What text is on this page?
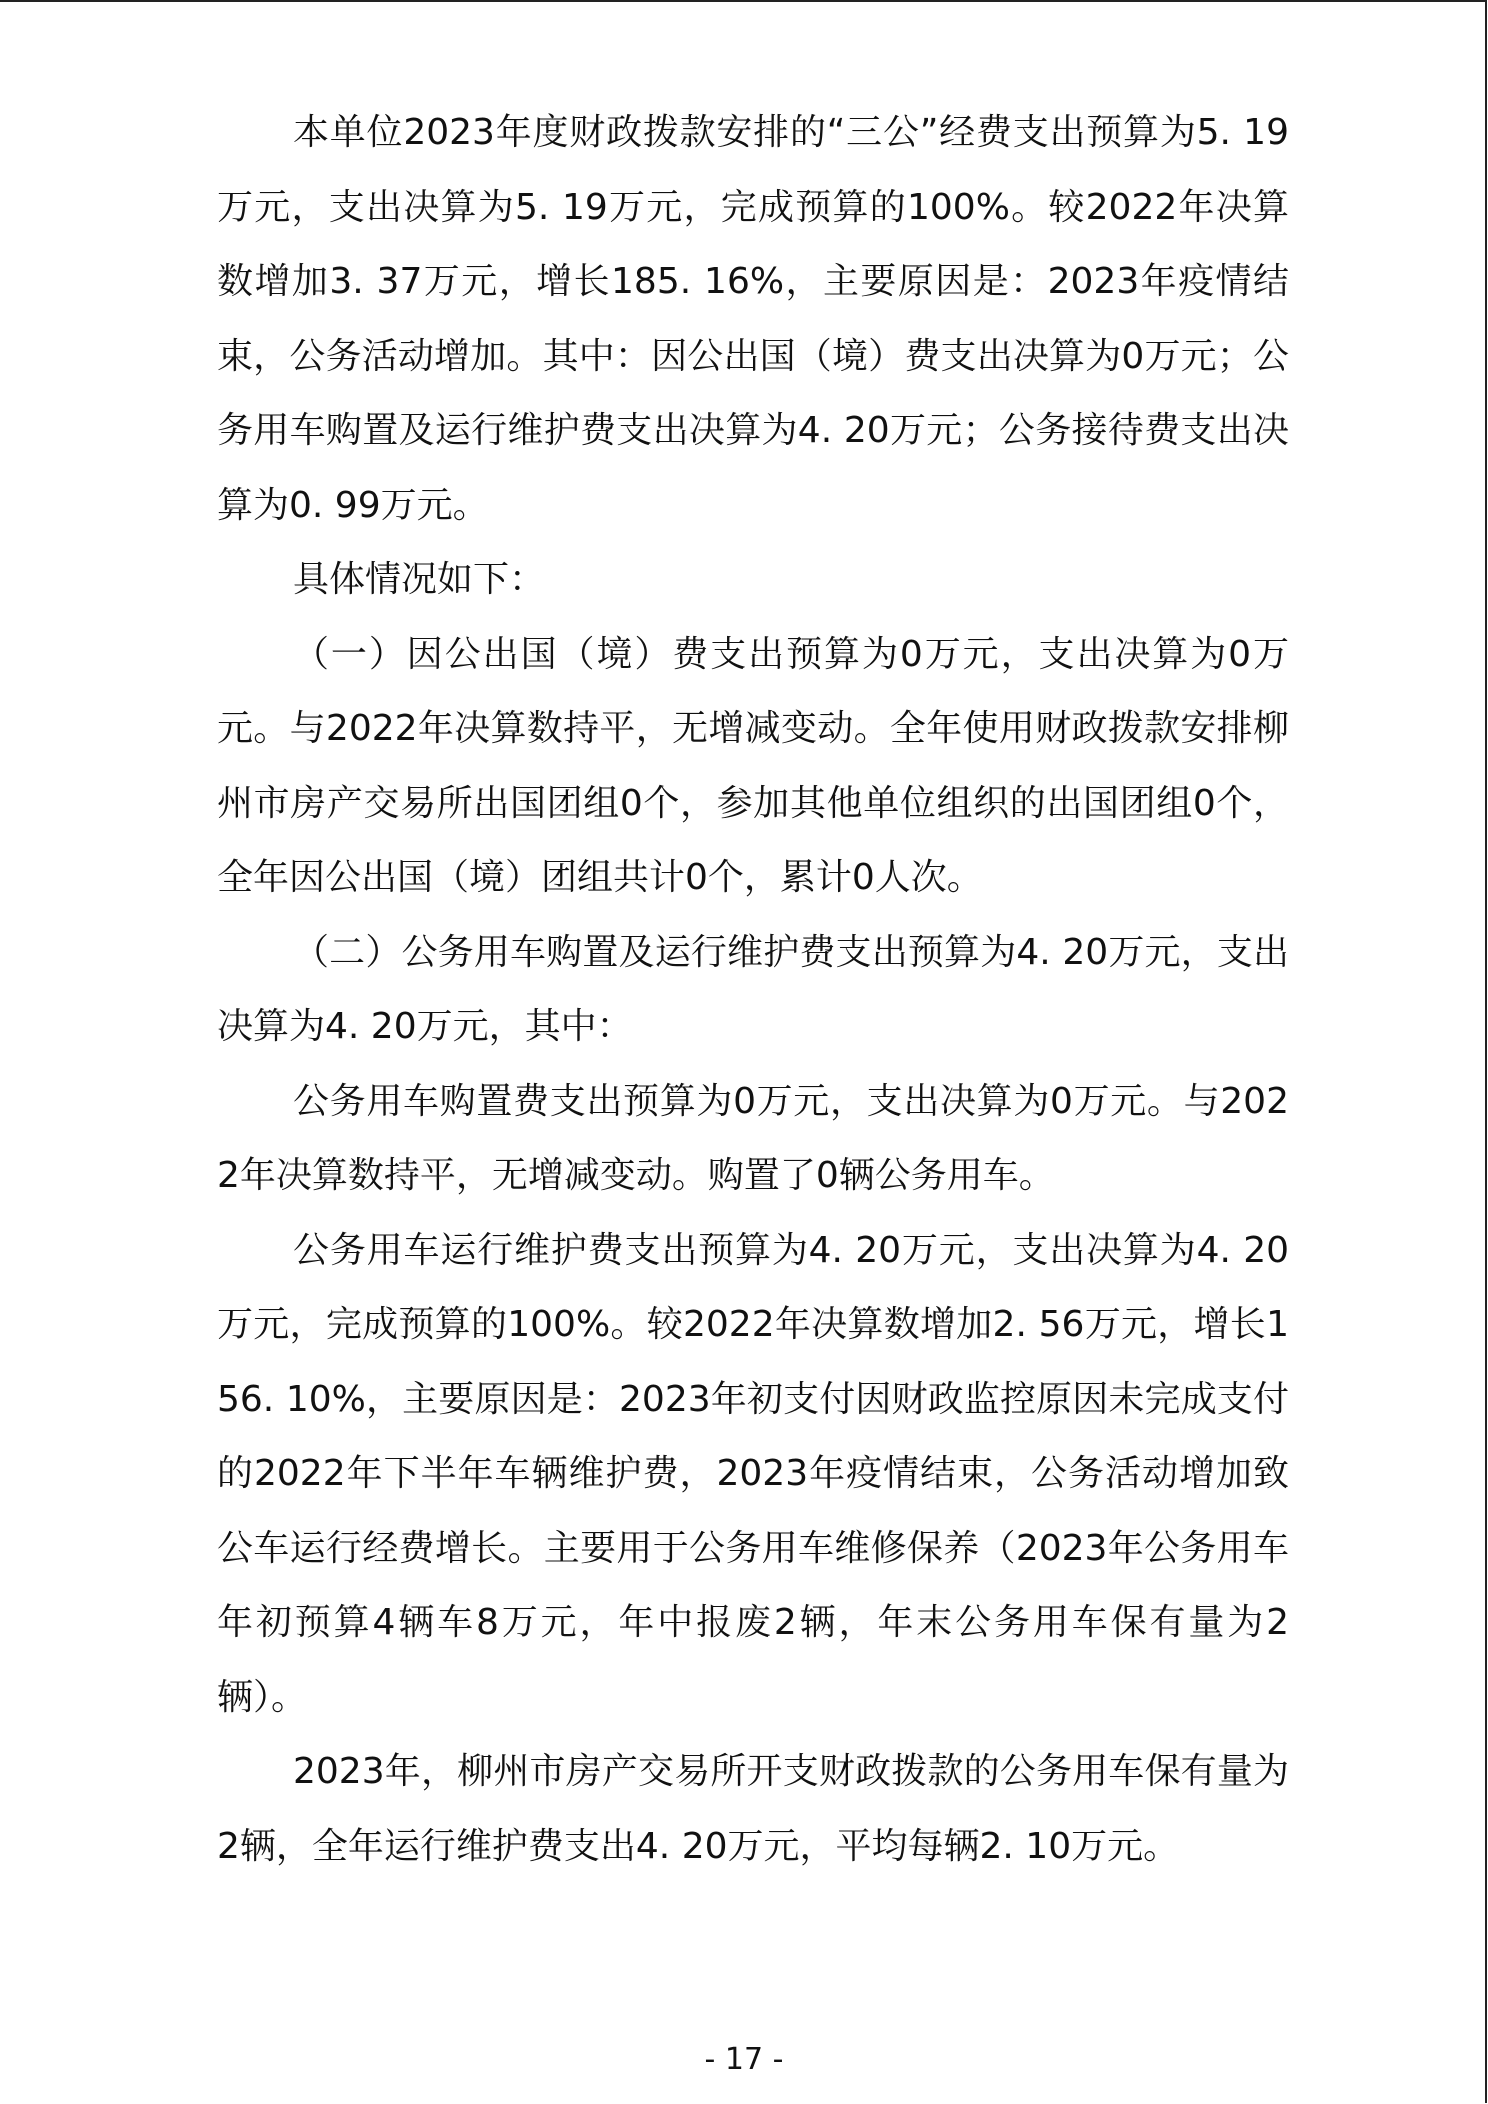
本单位2023年度财政拨款安排的“三公”经费支出预算为5. 19万元，支出决算为5. 19万元，完成预算的100%。较2022年决算数增加3. 37万元，增长185. 16%，主要原因是：2023年疫情结束，公务活动增加。其中：因公出国（境）费支出决算为0万元；公务用车购置及运行维护费支出决算为4. 20万元；公务接待费支出决算为0. 99万元。

具体情况如下：

（一）因公出国（境）费支出预算为0万元，支出决算为0万元。与2022年决算数持平，无增减变动。全年使用财政拨款安排柳州市房产交易所出国团组0个，参加其他单位组织的出国团组0个，全年因公出国（境）团组共计0个，累计0人次。

（二）公务用车购置及运行维护费支出预算为4. 20万元，支出决算为4. 20万元，其中：

公务用车购置费支出预算为0万元，支出决算为0万元。与2022年决算数持平，无增减变动。购置了0辆公务用车。

公务用车运行维护费支出预算为4. 20万元，支出决算为4. 20万元，完成预算的100%。较2022年决算数增加2. 56万元，增长156. 10%，主要原因是：2023年初支付因财政监控原因未完成支付的2022年下半年车辆维护费，2023年疫情结束，公务活动增加致公车运行经费增长。主要用于公务用车维修保养（2023年公务用车年初预算4辆车8万元，年中报废2辆，年末公务用车保有量为2辆）。

2023年，柳州市房产交易所开支财政拨款的公务用车保有量为2辆，全年运行维护费支出4. 20万元，平均每辆2. 10万元。

- 17 -
